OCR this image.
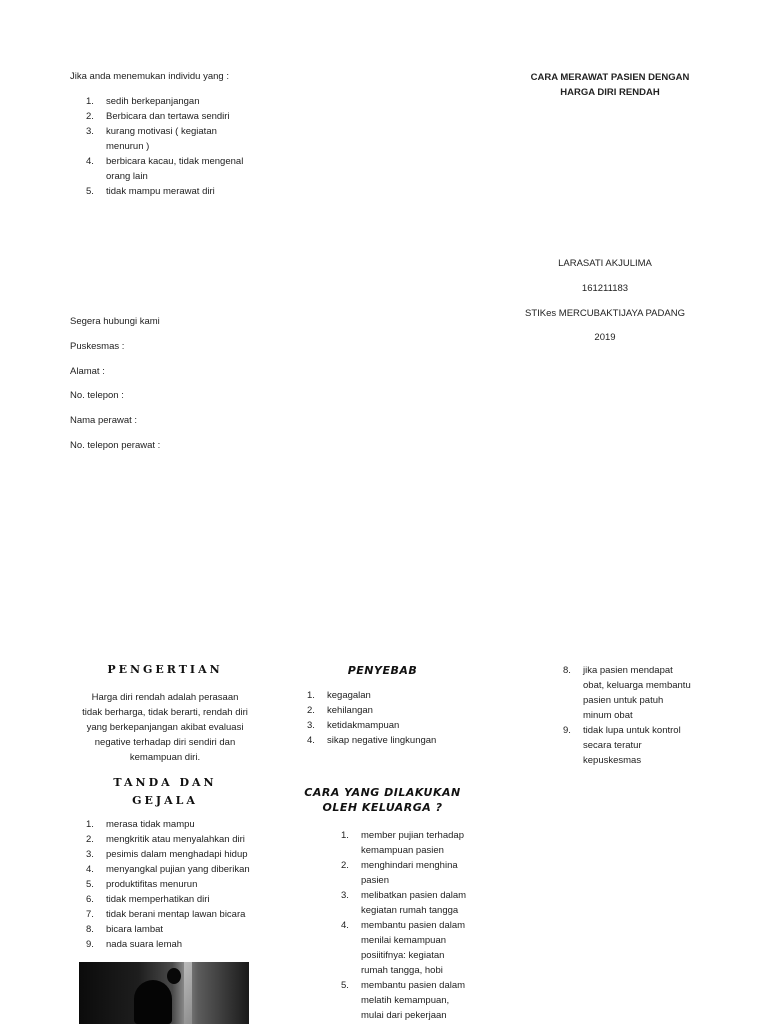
Jika anda menemukan individu yang :
1. sedih berkepanjangan
2. Berbicara dan tertawa sendiri
3. kurang motivasi ( kegiatan
menurun )
4. berbicara kacau, tidak mengenal
orang lain
5. tidak mampu merawat diri
Segera hubungi kami
Puskesmas :
Alamat :
No. telepon :
Nama perawat :
No. telepon perawat :
CARA MERAWAT PASIEN DENGAN
HARGA DIRI RENDAH
LARASATI AKJULIMA
161211183
STIKes MERCUBAKTIJAYA PADANG
2019
PENGERTIAN
Harga diri rendah adalah perasaan
tidak berharga, tidak berarti, rendah diri
yang berkepanjangan akibat evaluasi
negative terhadap diri sendiri dan
kemampuan diri.
TANDA DAN
GEJALA
1. merasa tidak mampu
2. mengkritik atau menyalahkan diri
3. pesimis dalam menghadapi hidup
4. menyangkal pujian yang diberikan
5. produktifitas menurun
6. tidak memperhatikan diri
7. tidak berani mentap lawan bicara
8. bicara lambat
9. nada suara lemah
PENYEBAB
1. kegagalan
2. kehilangan
3. ketidakmampuan
4. sikap negative lingkungan
CARA YANG DILAKUKAN
OLEH KELUARGA ?
1. member pujian terhadap
kemampuan pasien
2. menghindari menghina
pasien
3. melibatkan pasien dalam
kegiatan rumah tangga
4. membantu pasien dalam
menilai kemampuan
posiitifnya: kegiatan
rumah tangga, hobi
5. membantu pasien dalam
melatih kemampuan,
mulai dari pekerjaan
8. jika pasien mendapat
obat, keluarga membantu
pasien untuk patuh
minum obat
9. tidak lupa untuk kontrol
secara teratur
kepuskesmas
